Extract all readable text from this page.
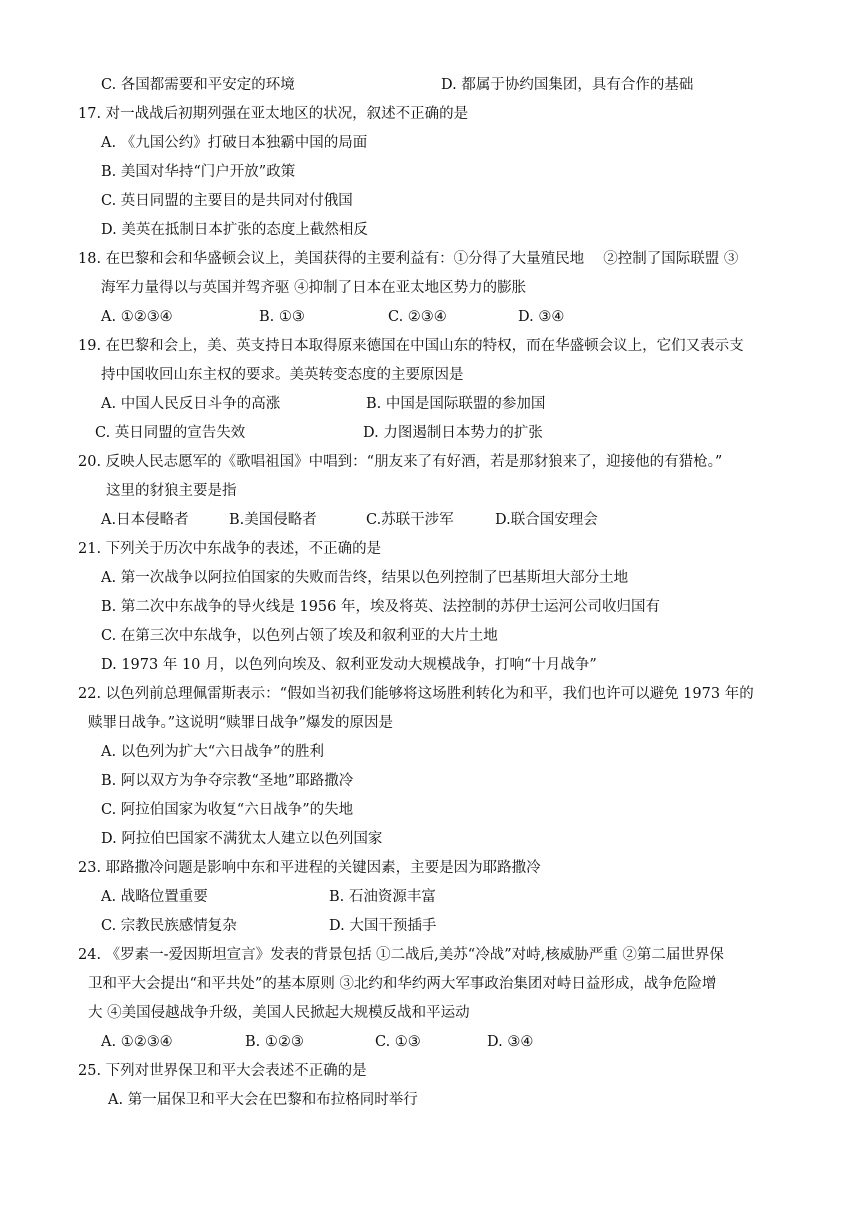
C. 各国都需要和平安定的环境	D. 都属于协约国集团，具有合作的基础
17. 对一战战后初期列强在亚太地区的状况，叙述不正确的是
A. 《九国公约》打破日本独霸中国的局面
B. 美国对华持“门户开放”政策
C. 英日同盟的主要目的是共同对付俄国
D. 美英在抵制日本扩张的态度上截然相反
18. 在巴黎和会和华盛顿会议上，美国获得的主要利益有：①分得了大量殖民地　 ②控制了国际联盟 ③
海军力量得以与英国并驾齐驱 ④抑制了日本在亚太地区势力的膨胀
A. ①②③④	B. ①③	C. ②③④	D. ③④
19. 在巴黎和会上，美、英支持日本取得原来德国在中国山东的特权，而在华盛顿会议上，它们又表示支
持中国收回山东主权的要求。美英转变态度的主要原因是
A. 中国人民反日斗争的高涨	B. 中国是国际联盟的参加国
C. 英日同盟的宣告失效	D. 力图遏制日本势力的扩张
20. 反映人民志愿军的《歌唱祖国》中唱到：“朋友来了有好酒，若是那豺狼来了，迎接他的有猎枪。”
这里的豺狼主要是指
A.日本侵略者	B.美国侵略者	C.苏联干涉军	D.联合国安理会
21. 下列关于历次中东战争的表述，不正确的是
A. 第一次战争以阿拉伯国家的失败而告终，结果以色列控制了巴基斯坦大部分土地
B. 第二次中东战争的导火线是 1956 年，埃及将英、法控制的苏伊士运河公司收归国有
C. 在第三次中东战争，以色列占领了埃及和叙利亚的大片土地
D. 1973 年 10 月，以色列向埃及、叙利亚发动大规模战争，打响“十月战争”
22. 以色列前总理佩雷斯表示：“假如当初我们能够将这场胜利转化为和平，我们也许可以避免 1973 年的
赎罪日战争。”这说明“赎罪日战争”爆发的原因是
A. 以色列为扩大“六日战争”的胜利
B. 阿以双方为争夺宗教“圣地”耶路撒冷
C. 阿拉伯国家为收复“六日战争”的失地
D. 阿拉伯巴国家不满犹太人建立以色列国家
23. 耶路撒冷问题是影响中东和平进程的关键因素，主要是因为耶路撒冷
A. 战略位置重要	B. 石油资源丰富
C. 宗教民族感情复杂	D. 大国干预插手
24. 《罗素一-爱因斯坦宣言》发表的背景包括 ①二战后,美苏“冷战”对峙,核威胁严重 ②第二届世界保
卫和平大会提出“和平共处”的基本原则 ③北约和华约两大军事政治集团对峙日益形成，战争危险增
大 ④美国侵越战争升级，美国人民掀起大规模反战和平运动
A. ①②③④	B. ①②③	C. ①③	D. ③④
25. 下列对世界保卫和平大会表述不正确的是
A. 第一届保卫和平大会在巴黎和布拉格同时举行
